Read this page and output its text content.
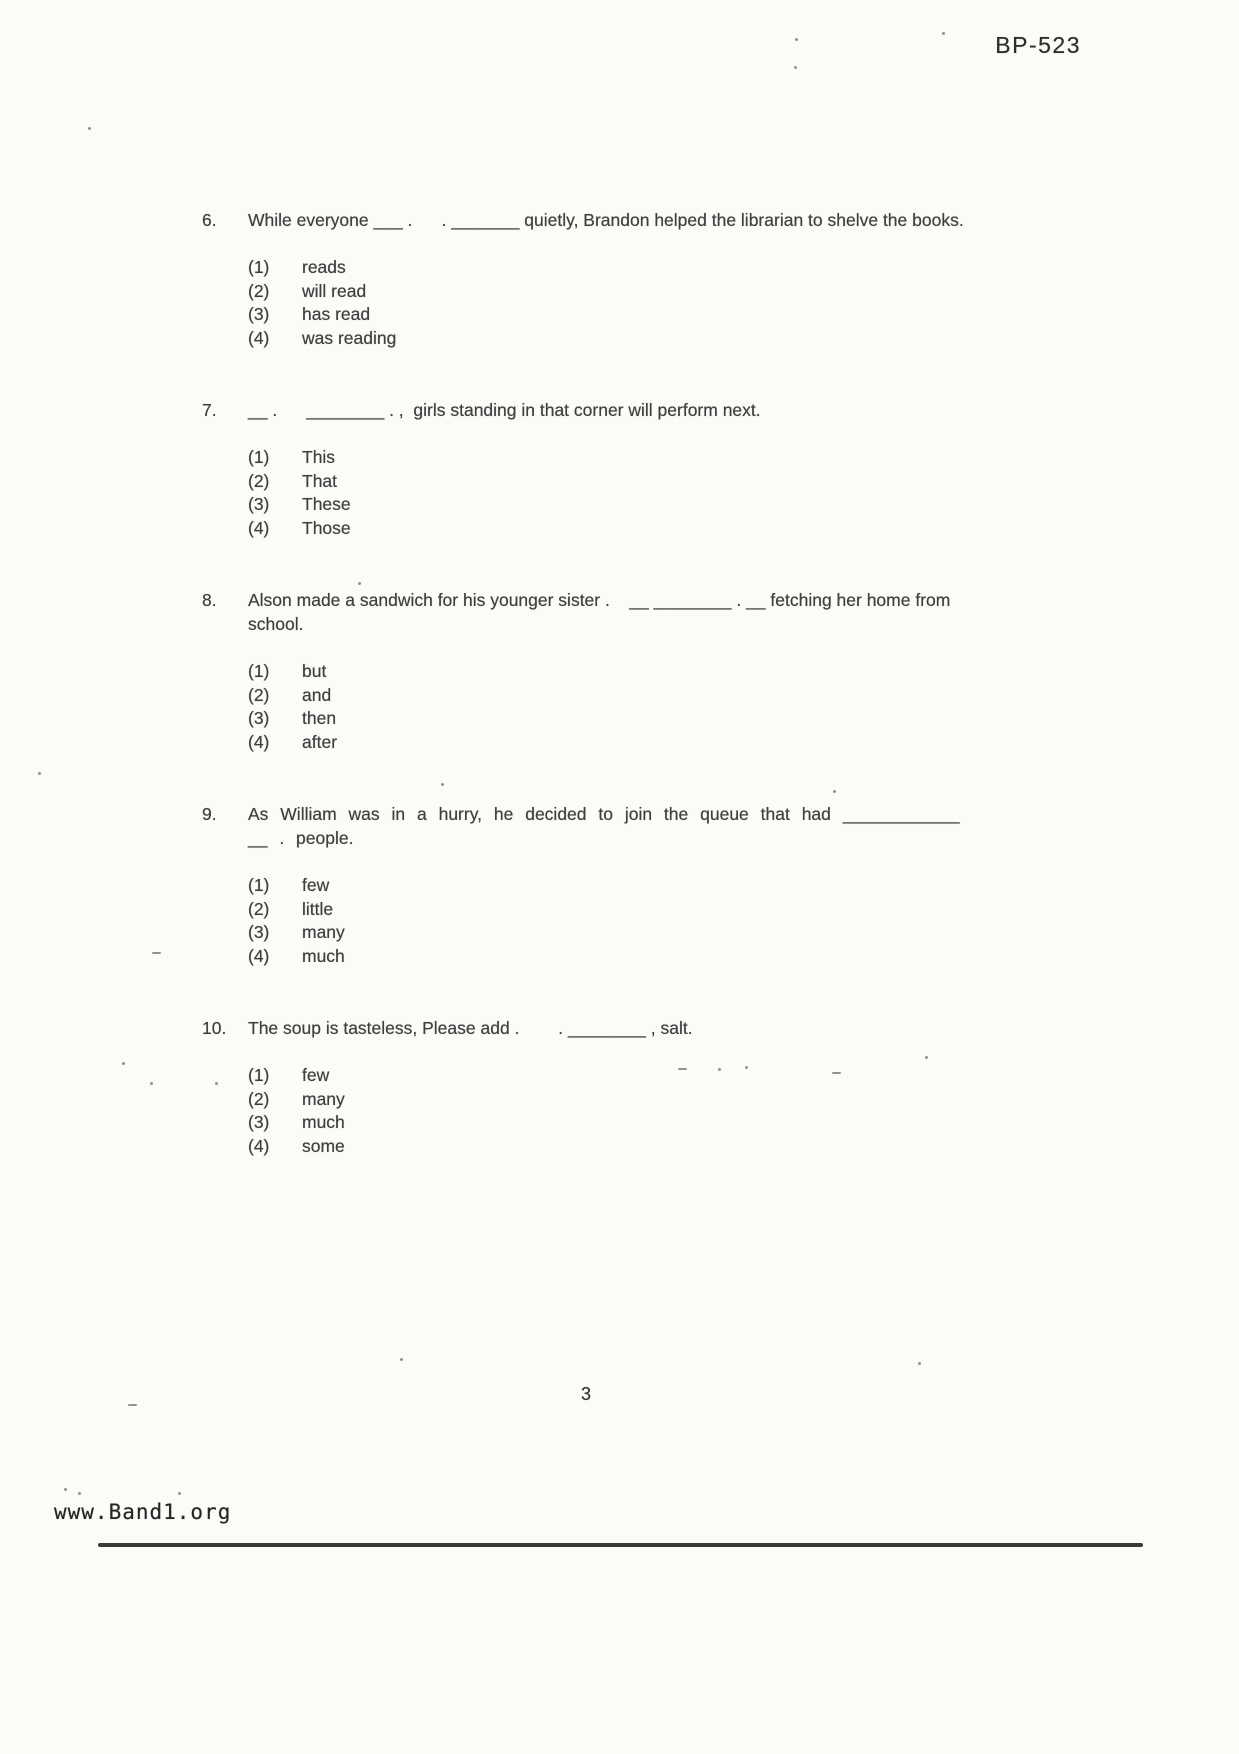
BP-523
6.	While everyone ___ .      . _______ quietly, Brandon helped the librarian to shelve the books.

(1)	reads
(2)	will read
(3)	has read
(4)	was reading
7.	__ .      ________ . ,  girls standing in that corner will perform next.

(1)	This
(2)	That
(3)	These
(4)	Those
8.	Alson made a sandwich for his younger sister .    __ ________ . __ fetching her home from school.

(1)	but
(2)	and
(3)	then
(4)	after
9.	As William was in a hurry, he decided to join the queue that had ____________ __ . people.

(1)	few
(2)	little
(3)	many
(4)	much
10.	The soup is tasteless, Please add .        . ________ , salt.

(1)	few
(2)	many
(3)	much
(4)	some
3
www.Band1.org
